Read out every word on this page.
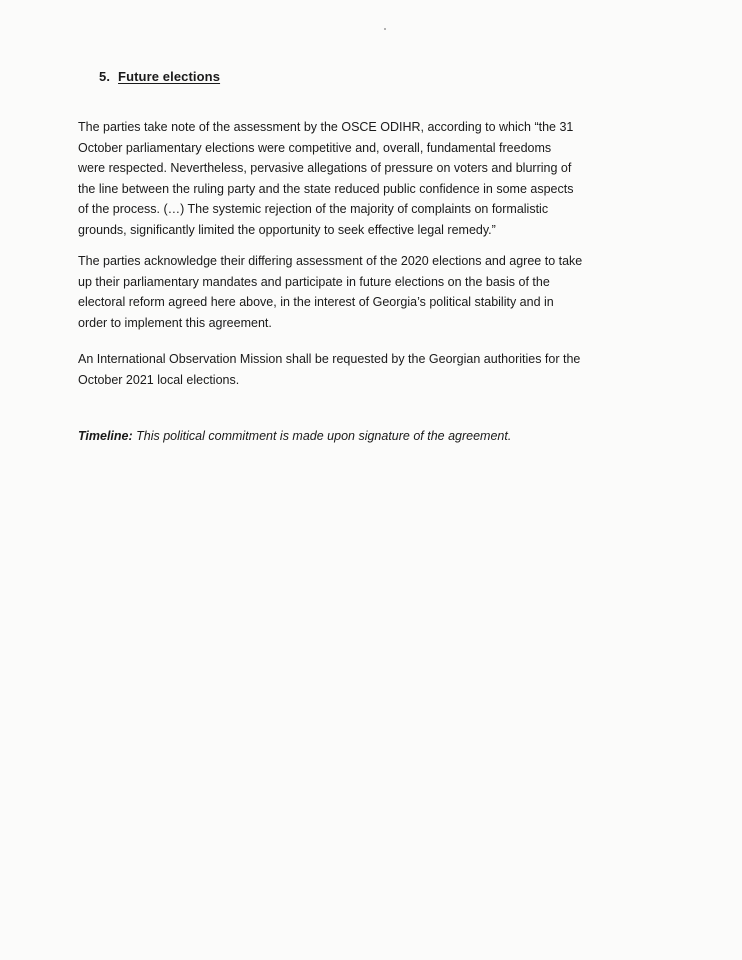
5. Future elections

The parties take note of the assessment by the OSCE ODIHR, according to which “the 31
October parliamentary elections were competitive and, overall, fundamental freedoms
were respected. Nevertheless, pervasive allegations of pressure on voters and blurring of
the line between the ruling party and the state reduced public confidence in some aspects
of the process. (…) The systemic rejection of the majority of complaints on formalistic
grounds, significantly limited the opportunity to seek effective legal remedy.”

The parties acknowledge their differing assessment of the 2020 elections and agree to take
up their parliamentary mandates and participate in future elections on the basis of the
electoral reform agreed here above, in the interest of Georgia’s political stability and in
order to implement this agreement.

An International Observation Mission shall be requested by the Georgian authorities for the
October 2021 local elections.

Timeline: This political commitment is made upon signature of the agreement.
